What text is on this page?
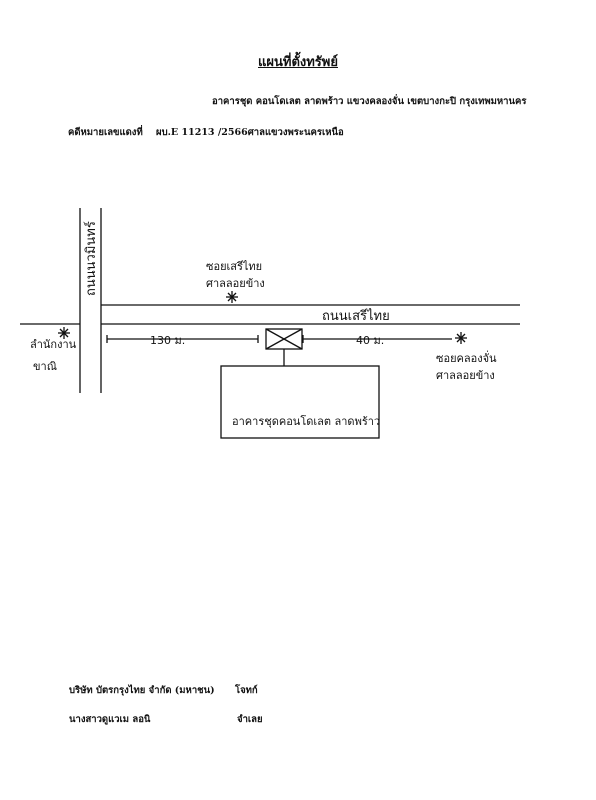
แผนที่ตั้งทรัพย์
อาคารชุด คอนโดเลต ลาดพร้าว แขวงคลองจั่น เขตบางกะปิ กรุงเทพมหานคร
คดีหมายเลขแดงที่ ผบ.E 11213 /2566ศาลแขวงพระนครเหนือ
ถนนนวมินทร์
ถนนเสรีไทย
ซอยเสรีไทย
ศาลลอยข้าง
ลำนักงาน
ขาณิ
ซอยคลองจั่น
ศาลลอยข้าง
130 ม.	40 ม.
อาคารชุดคอนโดเลต ลาดพร้าว
บริษัท บัตรกรุงไทย จำกัด (มหาชน) โจทก์
นางสาวดูแวเม ลอนิ	จำเลย
